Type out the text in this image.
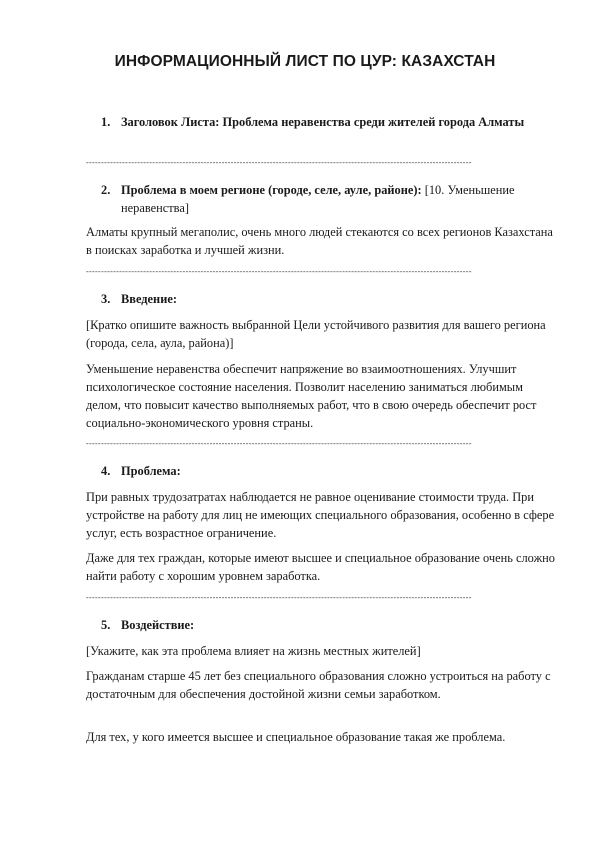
ИНФОРМАЦИОННЫЙ ЛИСТ ПО ЦУР: КАЗАХСТАН
1. Заголовок Листа: Проблема неравенства среди жителей города Алматы
--------------------------------------------------------------------------------------------------------------------------------
2. Проблема в моем регионе (городе, селе, ауле, районе): [10. Уменьшение неравенства]

Алматы крупный мегаполис, очень много людей стекаются со всех регионов Казахстана в поисках заработка и лучшей жизни.

--------------------------------------------------------------------------------------------------------------------------------
3. Введение:

[Кратко опишите важность выбранной Цели устойчивого развития для вашего региона (города, села, аула, района)]

Уменьшение неравенства обеспечит напряжение во взаимоотношениях. Улучшит психологическое состояние населения. Позволит населению заниматься любимым делом, что повысит качество выполняемых работ, что в свою очередь обеспечит рост социально-экономического уровня страны.

--------------------------------------------------------------------------------------------------------------------------------
4. Проблема:

При равных трудозатратах наблюдается не равное оценивание стоимости труда. При устройстве на работу для лиц не имеющих специального образования, особенно в сфере услуг, есть возрастное ограничение.

Даже для тех граждан, которые имеют высшее и специальное образование очень сложно найти работу с хорошим уровнем заработка.

--------------------------------------------------------------------------------------------------------------------------------
5. Воздействие:

[Укажите, как эта проблема влияет на жизнь местных жителей]

Гражданам старше 45 лет без специального образования сложно устроиться на работу с достаточным для обеспечения достойной жизни семьи заработком.

Для тех, у кого имеется высшее и специальное образование такая же проблема.
